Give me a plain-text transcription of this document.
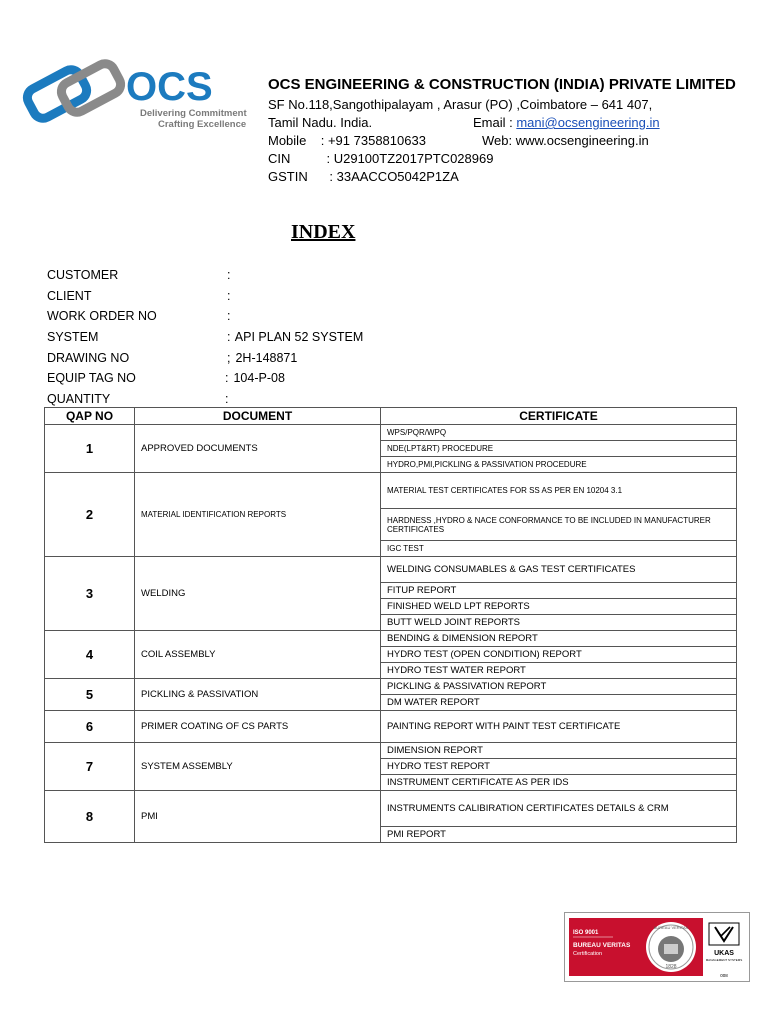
OCS
Delivering Commitment
Crafting Excellence
OCS ENGINEERING & CONSTRUCTION (INDIA) PRIVATE LIMITED
SF No.118,Sangothipalayam , Arasur (PO) ,Coimbatore – 641 407,
Tamil Nadu. India.	Email : mani@ocsengineering.in
Mobile    : +91 7358810633	Web: www.ocsengineering.in
CIN          : U29100TZ2017PTC028969
GSTIN      : 33AACCO5042P1ZA
INDEX
CUSTOMER	:
CLIENT	:
WORK ORDER NO	:
SYSTEM	: API PLAN 52 SYSTEM
DRAWING NO	; 2H-148871
EQUIP TAG NO	: 104-P-08
QUANTITY	:
QAP NO	DOCUMENT	CERTIFICATE
1	APPROVED DOCUMENTS	WPS/PQR/WPQ
		NDE(LPT&RT) PROCEDURE
		HYDRO,PMI,PICKLING & PASSIVATION PROCEDURE
2	MATERIAL IDENTIFICATION REPORTS	MATERIAL TEST CERTIFICATES FOR SS AS PER EN 10204 3.1
		HARDNESS ,HYDRO & NACE CONFORMANCE TO BE INCLUDED IN MANUFACTURER CERTIFICATES
		IGC TEST
3	WELDING	WELDING CONSUMABLES & GAS TEST CERTIFICATES
		FITUP REPORT
		FINISHED WELD LPT REPORTS
		BUTT WELD JOINT REPORTS
4	COIL ASSEMBLY	BENDING & DIMENSION REPORT
		HYDRO TEST (OPEN CONDITION) REPORT
		HYDRO TEST WATER REPORT
5	PICKLING & PASSIVATION	PICKLING & PASSIVATION REPORT
		DM WATER REPORT
6	PRIMER COATING OF CS PARTS	PAINTING REPORT WITH PAINT TEST CERTIFICATE
7	SYSTEM ASSEMBLY	DIMENSION REPORT
		HYDRO TEST REPORT
		INSTRUMENT CERTIFICATE AS PER IDS
8	PMI	INSTRUMENTS CALIBIRATION CERTIFICATES DETAILS & CRM
		PMI REPORT
ISO 9001
BUREAU VERITAS
Certification
BUREAU VERITAS
1828
UKAS
MANAGEMENT SYSTEMS
008
